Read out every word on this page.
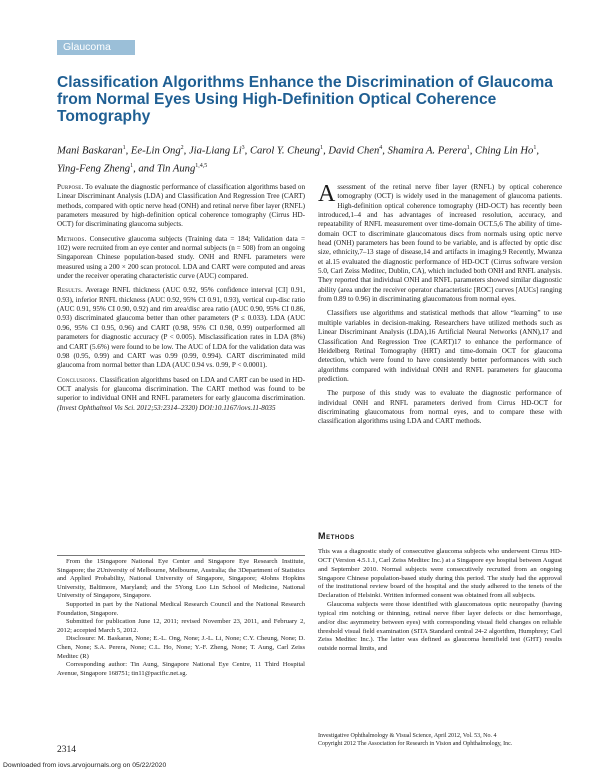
Glaucoma
Classification Algorithms Enhance the Discrimination of Glaucoma from Normal Eyes Using High-Definition Optical Coherence Tomography
Mani Baskaran$^1$, Ee-Lin Ong$^2$, Jia-Liang Li$^3$, Carol Y. Cheung$^1$, David Chen$^4$, Shamira A. Perera$^1$, Ching Lin Ho$^1$, Ying-Feng Zheng$^1$, and Tin Aung$^{1,4,5}$

Purpose. To evaluate the diagnostic performance of classification algorithms based on Linear Discriminant Analysis (LDA) and Classification And Regression Tree (CART) methods, compared with optic nerve head (ONH) and retinal nerve fiber layer (RNFL) parameters measured by high-definition optical coherence tomography (Cirrus HD-OCT) for discriminating glaucoma subjects.

Methods. Consecutive glaucoma subjects (Training data = 184; Validation data = 102) were recruited from an eye center and normal subjects (n = 508) from an ongoing Singaporean Chinese population-based study. ONH and RNFL parameters were measured using a 200 × 200 scan protocol. LDA and CART were computed and areas under the receiver operating characteristic curve (AUC) compared.

Results. Average RNFL thickness (AUC 0.92, 95% confidence interval [CI] 0.91, 0.93), inferior RNFL thickness (AUC 0.92, 95% CI 0.91, 0.93), vertical cup-disc ratio (AUC 0.91, 95% CI 0.90, 0.92) and rim area/disc area ratio (AUC 0.90, 95% CI 0.86, 0.93) discriminated glaucoma better than other parameters (P ≤ 0.033). LDA (AUC 0.96, 95% CI 0.95, 0.96) and CART (0.98, 95% CI 0.98, 0.99) outperformed all parameters for diagnostic accuracy (P < 0.005). Misclassification rates in LDA (8%) and CART (5.6%) were found to be low. The AUC of LDA for the validation data was 0.98 (0.95, 0.99) and CART was 0.99 (0.99, 0.994). CART discriminated mild glaucoma from normal better than LDA (AUC 0.94 vs. 0.99, P < 0.0001).

Conclusions. Classification algorithms based on LDA and CART can be used in HD-OCT analysis for glaucoma discrimination. The CART method was found to be superior to individual ONH and RNFL parameters for early glaucoma discrimination. (Invest Ophthalmol Vis Sci. 2012;53:2314–2320) DOI:10.1167/iovs.11-8035

From the 1Singapore National Eye Center and Singapore Eye Research Institute, Singapore; the 2University of Melbourne, Melbourne, Australia; the 3Department of Statistics and Applied Probability, National University of Singapore, Singapore; 4Johns Hopkins University, Baltimore, Maryland; and the 5Yong Loo Lin School of Medicine, National University of Singapore, Singapore.

Supported in part by the National Medical Research Council and the National Research Foundation, Singapore.

Submitted for publication June 12, 2011; revised November 23, 2011, and February 2, 2012; accepted March 5, 2012.

Disclosure: M. Baskaran, None; E.-L. Ong, None; J.-L. Li, None; C.Y. Cheung, None; D. Chen, None; S.A. Perera, None; C.L. Ho, None; Y.-F. Zheng, None; T. Aung, Carl Zeiss Meditec (R)

Corresponding author: Tin Aung, Singapore National Eye Centre, 11 Third Hospital Avenue, Singapore 168751; tin11@pacific.net.sg.

Assessment of the retinal nerve fiber layer (RNFL) by optical coherence tomography (OCT) is widely used in the management of glaucoma patients. High-definition optical coherence tomography (HD-OCT) has recently been introduced,1–4 and has advantages of increased resolution, accuracy, and repeatability of RNFL measurement over time-domain OCT.5,6 The ability of time-domain OCT to discriminate glaucomatous discs from normals using optic nerve head (ONH) parameters has been found to be variable, and is affected by optic disc size, ethnicity,7–13 stage of disease,14 and artifacts in imaging.9 Recently, Mwanza et al.15 evaluated the diagnostic performance of HD-OCT (Cirrus software version 5.0, Carl Zeiss Meditec, Dublin, CA), which included both ONH and RNFL analysis. They reported that individual ONH and RNFL parameters showed similar diagnostic ability (area under the receiver operator characteristic [ROC] curves [AUCs] ranging from 0.89 to 0.96) in discriminating glaucomatous from normal eyes.

Classifiers use algorithms and statistical methods that allow “learning” to use multiple variables in decision-making. Researchers have utilized methods such as Linear Discriminant Analysis (LDA),16 Artificial Neural Networks (ANN),17 and Classification And Regression Tree (CART)17 to enhance the performance of Heidelberg Retinal Tomography (HRT) and time-domain OCT for glaucoma detection, which were found to have consistently better performances with such algorithms compared with individual ONH and RNFL parameters for glaucoma prediction.

The purpose of this study was to evaluate the diagnostic performance of individual ONH and RNFL parameters derived from Cirrus HD-OCT for discriminating glaucomatous from normal eyes, and to compare these with classification algorithms using LDA and CART methods.

Methods

This was a diagnostic study of consecutive glaucoma subjects who underwent Cirrus HD-OCT (Version 4.5.1.1, Carl Zeiss Meditec Inc.) at a Singapore eye hospital between August and September 2010. Normal subjects were consecutively recruited from an ongoing Singapore Chinese population-based study during this period. The study had the approval of the institutional review board of the hospital and the study adhered to the tenets of the Declaration of Helsinki. Written informed consent was obtained from all subjects.

Glaucoma subjects were those identified with glaucomatous optic neuropathy (having typical rim notching or thinning, retinal nerve fiber layer defects or disc hemorrhage, and/or disc asymmetry between eyes) with corresponding visual field changes on reliable threshold visual field examination (SITA Standard central 24-2 algorithm, Humphrey; Carl Zeiss Meditec Inc.). The latter was defined as glaucoma hemifield test (GHT) results outside normal limits, and

2314
Investigative Ophthalmology & Visual Science, April 2012, Vol. 53, No. 4
Copyright 2012 The Association for Research in Vision and Ophthalmology, Inc.
Downloaded from iovs.arvojournals.org on 05/22/2020
